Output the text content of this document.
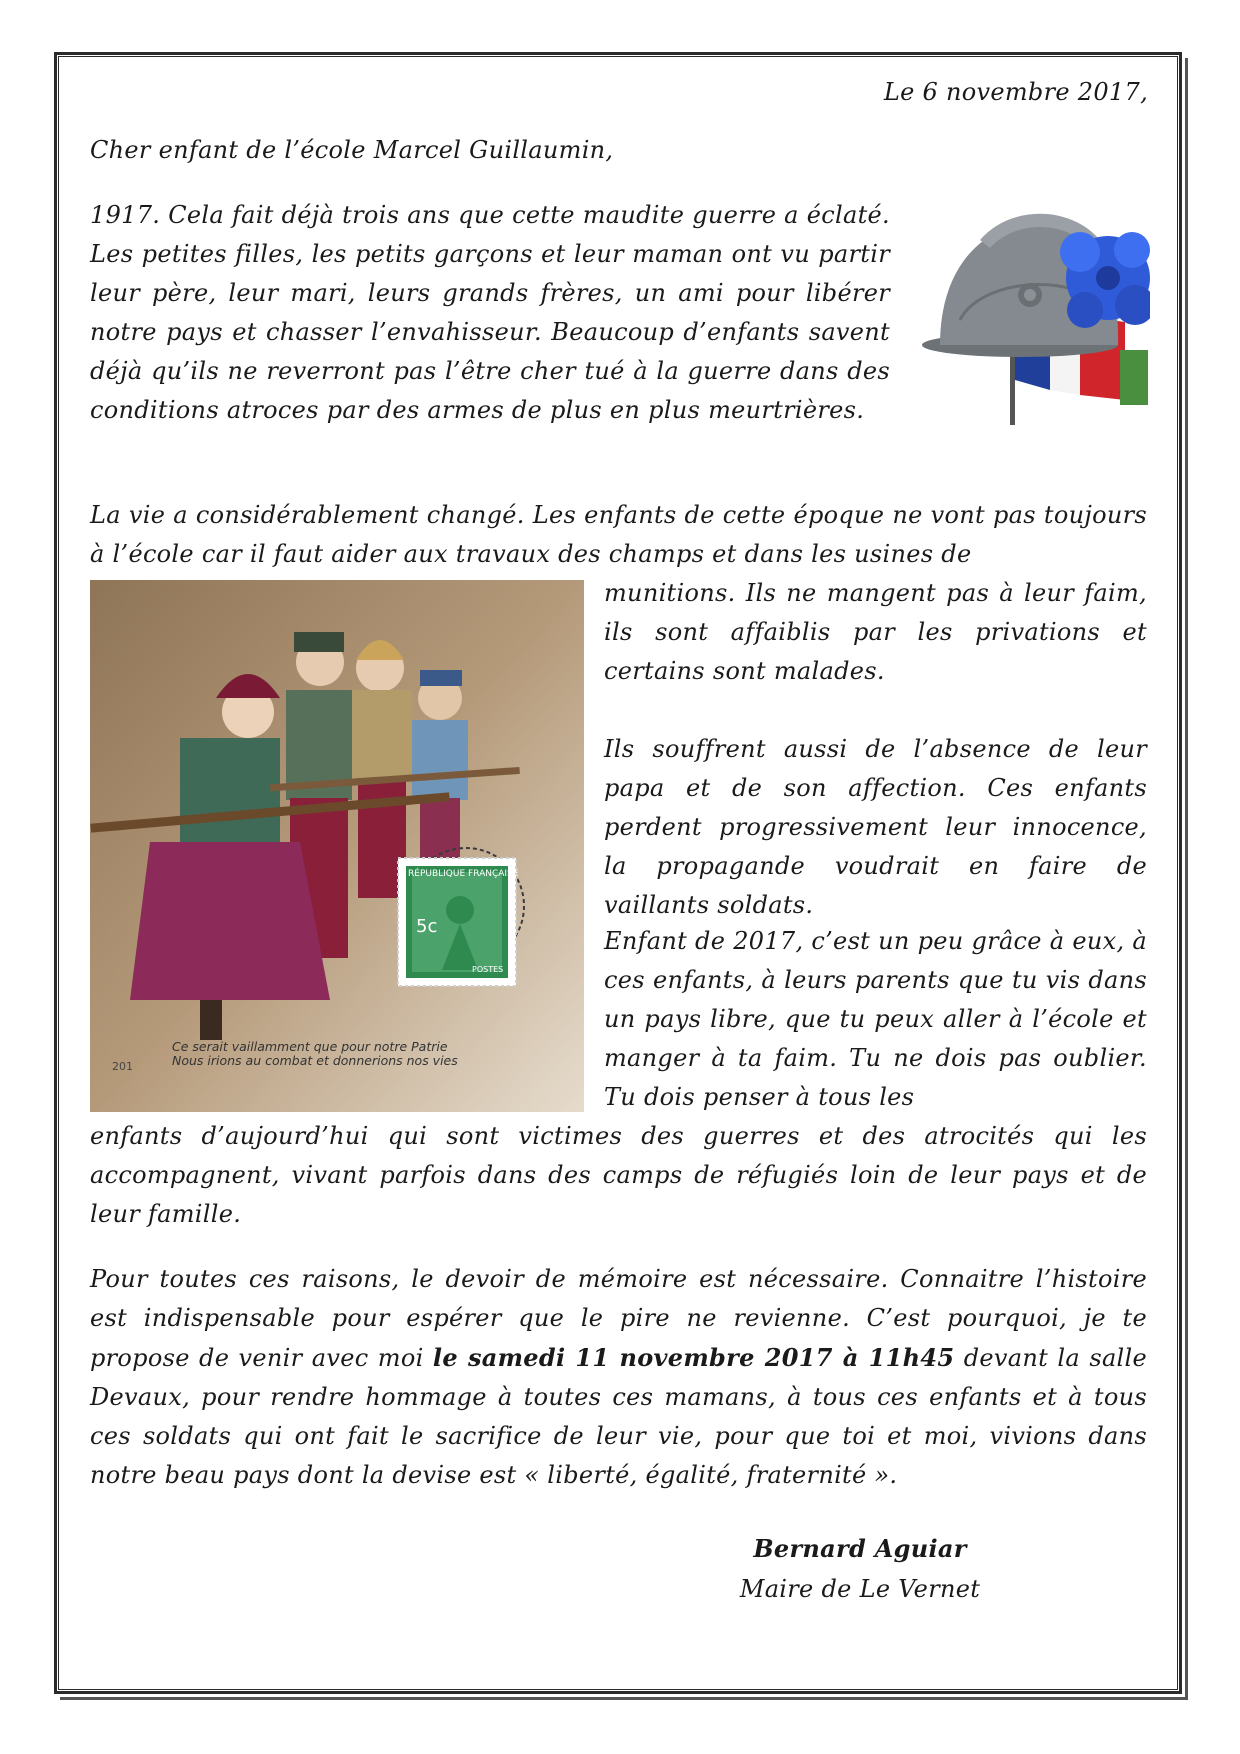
Le 6 novembre 2017,

Cher enfant de l’école Marcel Guillaumin,

1917. Cela fait déjà trois ans que cette maudite guerre a éclaté. Les petites filles, les petits garçons et leur maman ont vu partir leur père, leur mari, leurs grands frères, un ami pour libérer notre pays et chasser l’envahisseur. Beaucoup d’enfants savent déjà qu’ils ne reverront pas l’être cher tué à la guerre dans des conditions atroces par des armes de plus en plus meurtrières.

La vie a considérablement changé. Les enfants de cette époque ne vont pas toujours à l’école car il faut aider aux travaux des champs et dans les usines de

RÉPUBLIQUE FRANÇAISE
5c
POSTES

201

Ce serait vaillamment que pour notre Patrie
Nous irions au combat et donnerions nos vies

munitions. Ils ne mangent pas à leur faim, ils sont affaiblis par les privations et certains sont malades.

Ils souffrent aussi de l’absence de leur papa et de son affection. Ces enfants perdent progressivement leur innocence, la propagande voudrait en faire de vaillants soldats.

Enfant de 2017, c’est un peu grâce à eux, à ces enfants, à leurs parents que tu vis dans un pays libre, que tu peux aller à l’école et manger à ta faim. Tu ne dois pas oublier. Tu dois penser à tous les

enfants d’aujourd’hui qui sont victimes des guerres et des atrocités qui les accompagnent, vivant parfois dans des camps de réfugiés loin de leur pays et de leur famille.

Pour toutes ces raisons, le devoir de mémoire est nécessaire. Connaitre l’histoire est indispensable pour espérer que le pire ne revienne. C’est pourquoi, je te propose de venir avec moi le samedi 11 novembre 2017 à 11h45 devant la salle Devaux, pour rendre hommage à toutes ces mamans, à tous ces enfants et à tous ces soldats qui ont fait le sacrifice de leur vie, pour que toi et moi, vivions dans notre beau pays dont la devise est « liberté, égalité, fraternité ».

Bernard Aguiar

Maire de Le Vernet
